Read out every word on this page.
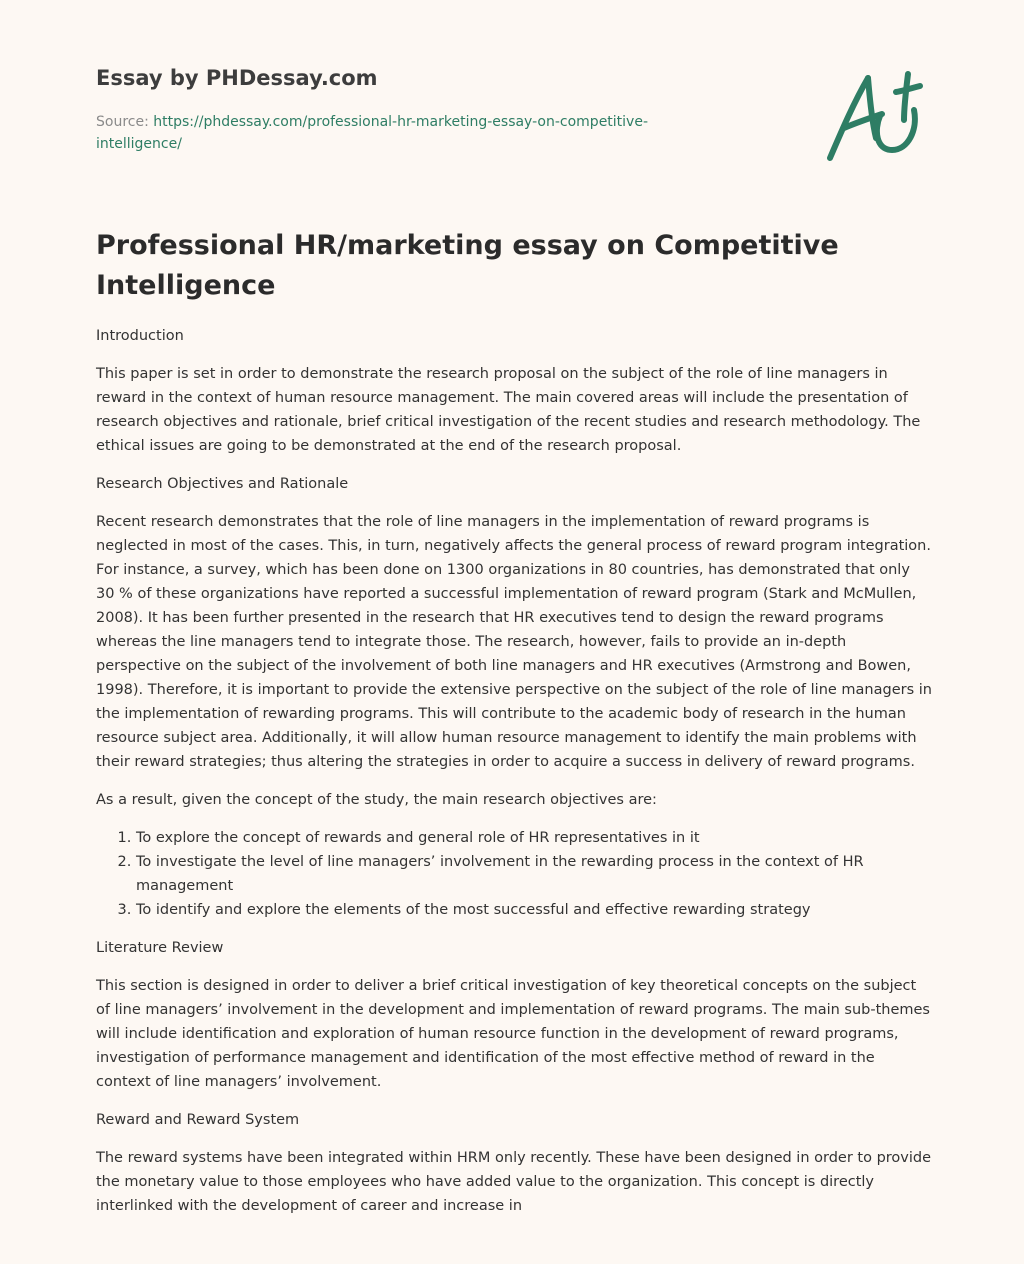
Essay by PHDessay.com
Source: https://phdessay.com/professional-hr-marketing-essay-on-competitive-intelligence/
Professional HR/marketing essay on Competitive Intelligence

Introduction

This paper is set in order to demonstrate the research proposal on the subject of the role of line managers in reward in the context of human resource management. The main covered areas will include the presentation of research objectives and rationale, brief critical investigation of the recent studies and research methodology. The ethical issues are going to be demonstrated at the end of the research proposal.

Research Objectives and Rationale

Recent research demonstrates that the role of line managers in the implementation of reward programs is neglected in most of the cases. This, in turn, negatively affects the general process of reward program integration. For instance, a survey, which has been done on 1300 organizations in 80 countries, has demonstrated that only 30 % of these organizations have reported a successful implementation of reward program (Stark and McMullen, 2008). It has been further presented in the research that HR executives tend to design the reward programs whereas the line managers tend to integrate those. The research, however, fails to provide an in-depth perspective on the subject of the involvement of both line managers and HR executives (Armstrong and Bowen, 1998). Therefore, it is important to provide the extensive perspective on the subject of the role of line managers in the implementation of rewarding programs. This will contribute to the academic body of research in the human resource subject area. Additionally, it will allow human resource management to identify the main problems with their reward strategies; thus altering the strategies in order to acquire a success in delivery of reward programs.

As a result, given the concept of the study, the main research objectives are:

1. To explore the concept of rewards and general role of HR representatives in it
2. To investigate the level of line managers’ involvement in the rewarding process in the context of HR management
3. To identify and explore the elements of the most successful and effective rewarding strategy

Literature Review

This section is designed in order to deliver a brief critical investigation of key theoretical concepts on the subject of line managers’ involvement in the development and implementation of reward programs. The main sub-themes will include identification and exploration of human resource function in the development of reward programs, investigation of performance management and identification of the most effective method of reward in the context of line managers’ involvement.

Reward and Reward System

The reward systems have been integrated within HRM only recently. These have been designed in order to provide the monetary value to those employees who have added value to the organization. This concept is directly interlinked with the development of career and increase in
